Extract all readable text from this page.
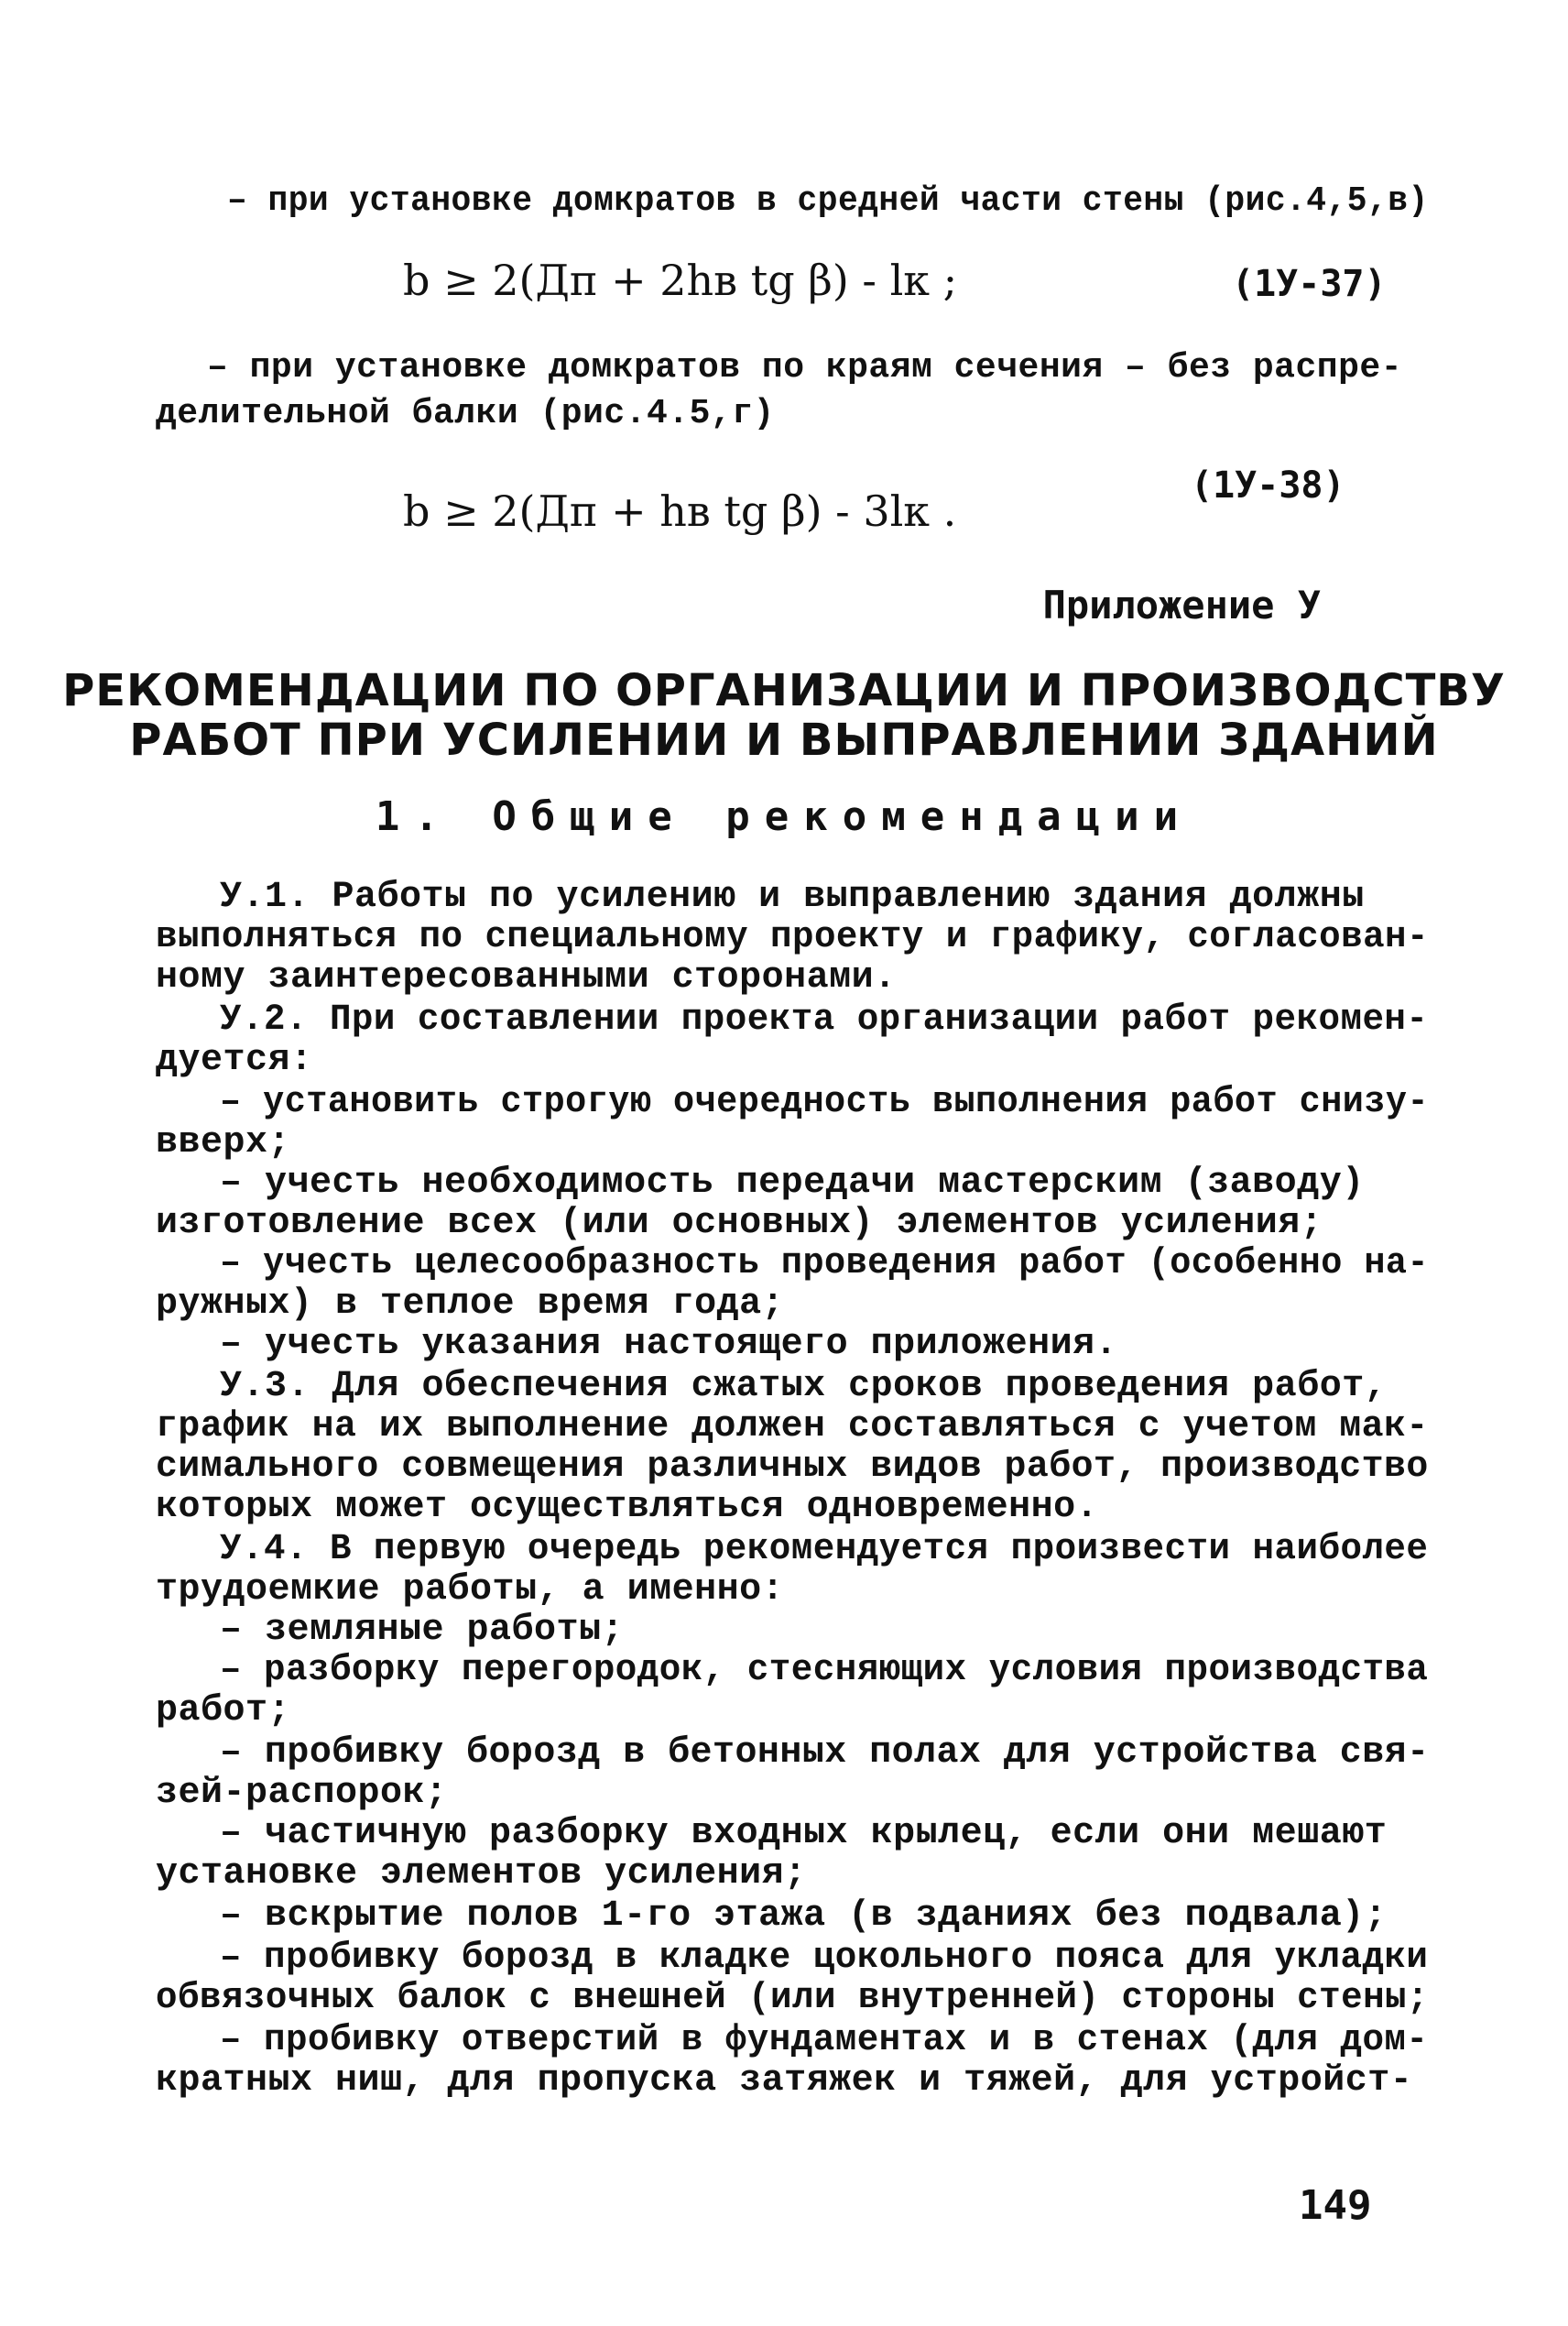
– при установке домкратов в средней части стены (рис.4,5,в)
b ≥ 2(Дп + 2hв tg β) - lк ;	(1У-37)
– при установке домкратов по краям сечения – без распре-
делительной балки (рис.4.5,г)
b ≥ 2(Дп + hв tg β) - 3lк .
(1У-38)
Приложение У
РЕКОМЕНДАЦИИ ПО ОРГАНИЗАЦИИ И ПРОИЗВОДСТВУ
РАБОТ ПРИ УСИЛЕНИИ И ВЫПРАВЛЕНИИ ЗДАНИЙ
1. Общие рекомендации
У.1. Работы по усилению и выправлению здания должны
выполняться по специальному проекту и графику, согласован-
ному заинтересованными сторонами.
У.2. При составлении проекта организации работ рекомен-
дуется:
– установить строгую очередность выполнения работ снизу-
вверх;
– учесть необходимость передачи мастерским (заводу)
изготовление всех (или основных) элементов усиления;
– учесть целесообразность проведения работ (особенно на-
ружных) в теплое время года;
– учесть указания настоящего приложения.
У.3. Для обеспечения сжатых сроков проведения работ,
график на их выполнение должен составляться с учетом мак-
симального совмещения различных видов работ, производство
которых может осуществляться одновременно.
У.4. В первую очередь рекомендуется произвести наиболее
трудоемкие работы, а именно:
– земляные работы;
– разборку перегородок, стесняющих условия производства
работ;
– пробивку борозд в бетонных полах для устройства свя-
зей-распорок;
– частичную разборку входных крылец, если они мешают
установке элементов усиления;
– вскрытие полов 1-го этажа (в зданиях без подвала);
– пробивку борозд в кладке цокольного пояса для укладки
обвязочных балок с внешней (или внутренней) стороны стены;
– пробивку отверстий в фундаментах и в стенах (для дом-
кратных ниш, для пропуска затяжек и тяжей, для устройст-
149
